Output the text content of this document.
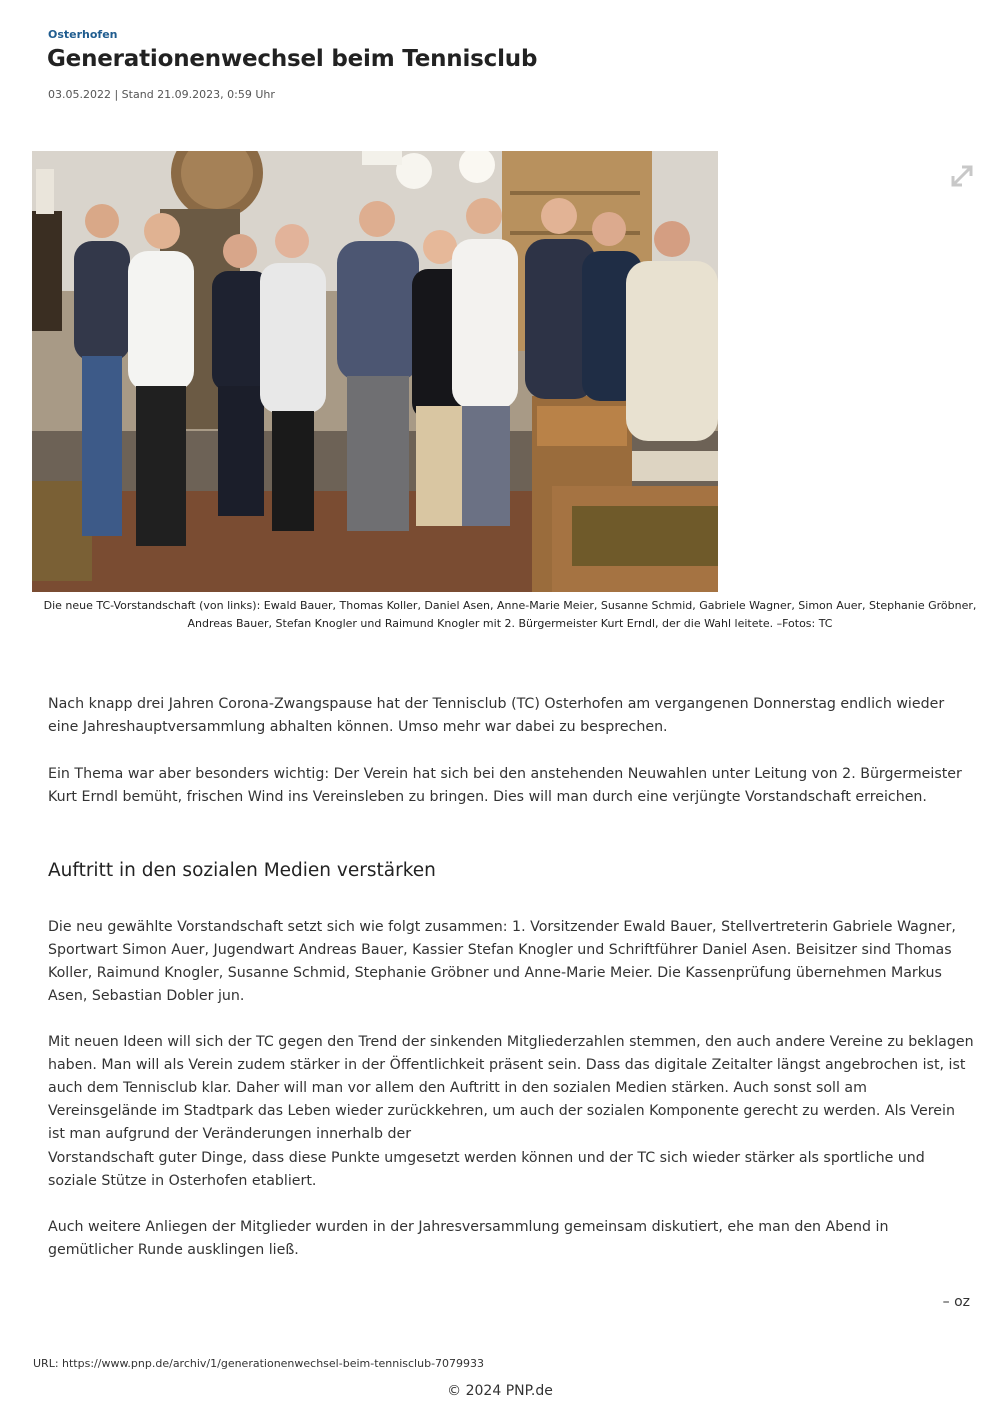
Osterhofen
Generationenwechsel beim Tennisclub
03.05.2022 | Stand 21.09.2023, 0:59 Uhr
Die neue TC-Vorstandschaft (von links): Ewald Bauer, Thomas Koller, Daniel Asen, Anne-Marie Meier, Susanne Schmid, Gabriele Wagner, Simon Auer, Stephanie Gröbner,
Andreas Bauer, Stefan Knogler und Raimund Knogler mit 2. Bürgermeister Kurt Erndl, der die Wahl leitete. –Fotos: TC

Nach knapp drei Jahren Corona-Zwangspause hat der Tennisclub (TC) Osterhofen am vergangenen Donnerstag endlich wieder eine Jahreshauptversammlung abhalten können. Umso mehr war dabei zu besprechen.

Ein Thema war aber besonders wichtig: Der Verein hat sich bei den anstehenden Neuwahlen unter Leitung von 2. Bürgermeister Kurt Erndl bemüht, frischen Wind ins Vereinsleben zu bringen. Dies will man durch eine verjüngte Vorstandschaft erreichen.

Auftritt in den sozialen Medien verstärken

Die neu gewählte Vorstandschaft setzt sich wie folgt zusammen: 1. Vorsitzender Ewald Bauer, Stellvertreterin Gabriele Wagner, Sportwart Simon Auer, Jugendwart Andreas Bauer, Kassier Stefan Knogler und Schriftführer Daniel Asen. Beisitzer sind Thomas Koller, Raimund Knogler, Susanne Schmid, Stephanie Gröbner und Anne-Marie Meier. Die Kassenprüfung übernehmen Markus Asen, Sebastian Dobler jun.

Mit neuen Ideen will sich der TC gegen den Trend der sinkenden Mitgliederzahlen stemmen, den auch andere Vereine zu beklagen haben. Man will als Verein zudem stärker in der Öffentlichkeit präsent sein. Dass das digitale Zeitalter längst angebrochen ist, ist auch dem Tennisclub klar. Daher will man vor allem den Auftritt in den sozialen Medien stärken. Auch sonst soll am Vereinsgelände im Stadtpark das Leben wieder zurückkehren, um auch der sozialen Komponente gerecht zu werden. Als Verein ist man aufgrund der Veränderungen innerhalb der

Vorstandschaft guter Dinge, dass diese Punkte umgesetzt werden können und der TC sich wieder stärker als sportliche und soziale Stütze in Osterhofen etabliert.

Auch weitere Anliegen der Mitglieder wurden in der Jahresversammlung gemeinsam diskutiert, ehe man den Abend in gemütlicher Runde ausklingen ließ.

– oz
URL: https://www.pnp.de/archiv/1/generationenwechsel-beim-tennisclub-7079933
© 2024 PNP.de
